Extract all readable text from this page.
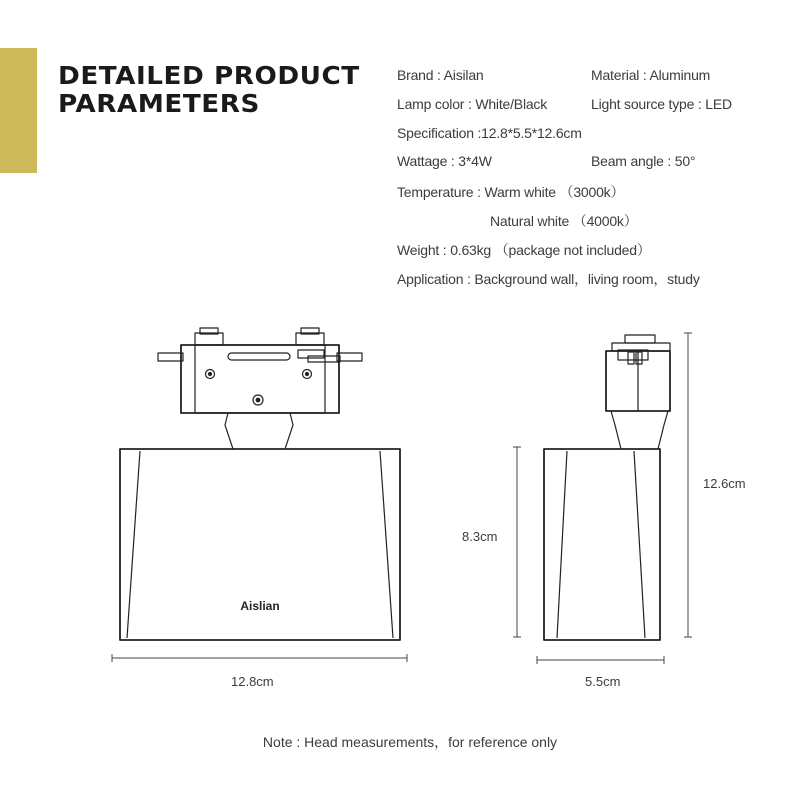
DETAILED PRODUCT
PARAMETERS
Brand : Aisilan	Material : Aluminum
Lamp color : White/Black	Light source type : LED
Specification :12.8*5.5*12.6cm
Wattage : 3*4W	Beam angle : 50°
Temperature : Warm white （3000k）
Natural white （4000k）
Weight : 0.63kg （package not included）
Application : Background wall，living room，study
Aislian
12.8cm
8.3cm
12.6cm
5.5cm
Note : Head measurements，for reference only
